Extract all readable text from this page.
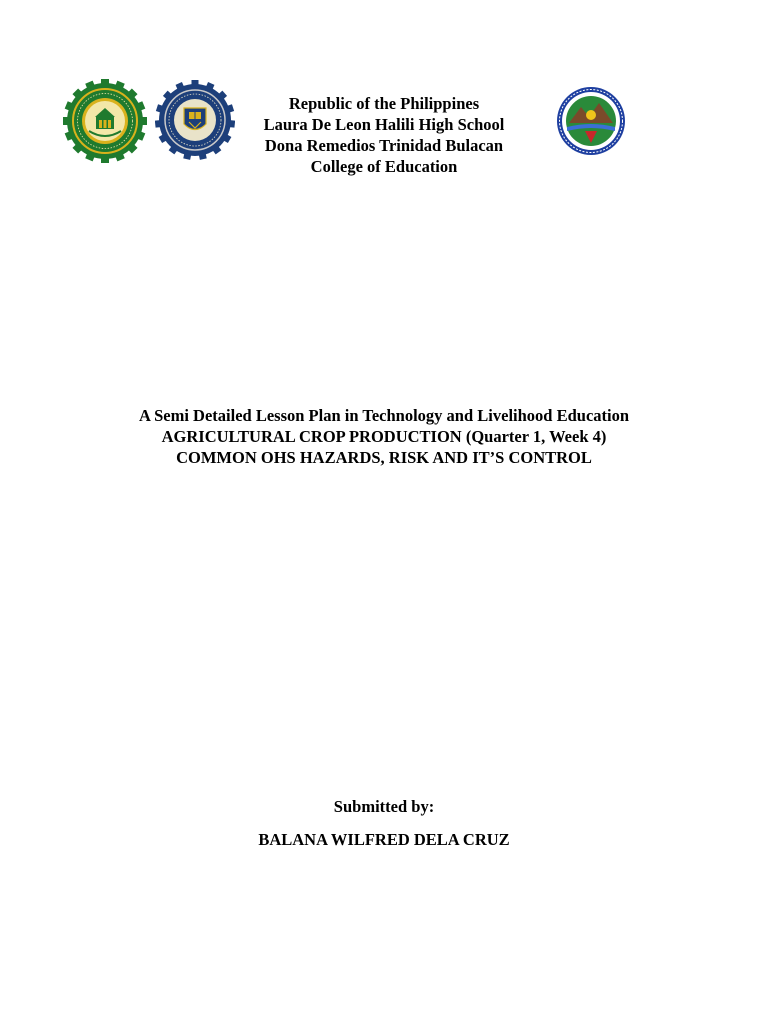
Republic of the Philippines
Laura De Leon Halili High School
Dona Remedios Trinidad Bulacan
College of Education
A Semi Detailed Lesson Plan in Technology and Livelihood Education
AGRICULTURAL CROP PRODUCTION (Quarter 1, Week 4)
COMMON OHS HAZARDS, RISK AND IT’S CONTROL
Submitted by:
BALANA WILFRED DELA CRUZ
